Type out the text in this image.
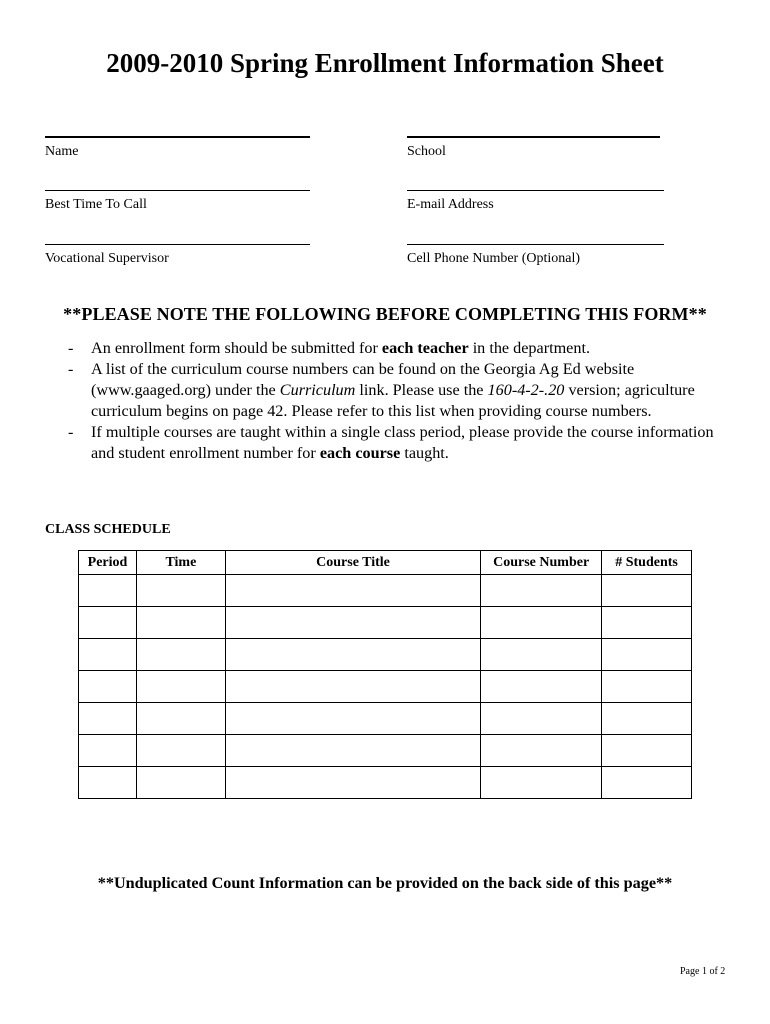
2009-2010 Spring Enrollment Information Sheet
Name	School
Best Time To Call	E-mail Address
Vocational Supervisor	Cell Phone Number (Optional)
**PLEASE NOTE THE FOLLOWING BEFORE COMPLETING THIS FORM**
- An enrollment form should be submitted for each teacher in the department.
- A list of the curriculum course numbers can be found on the Georgia Ag Ed website (www.gaaged.org) under the Curriculum link. Please use the 160-4-2-.20 version; agriculture curriculum begins on page 42. Please refer to this list when providing course numbers.
- If multiple courses are taught within a single class period, please provide the course information and student enrollment number for each course taught.
CLASS SCHEDULE
Period	Time	Course Title	Course Number	# Students

**Unduplicated Count Information can be provided on the back side of this page**
Page 1 of 2
